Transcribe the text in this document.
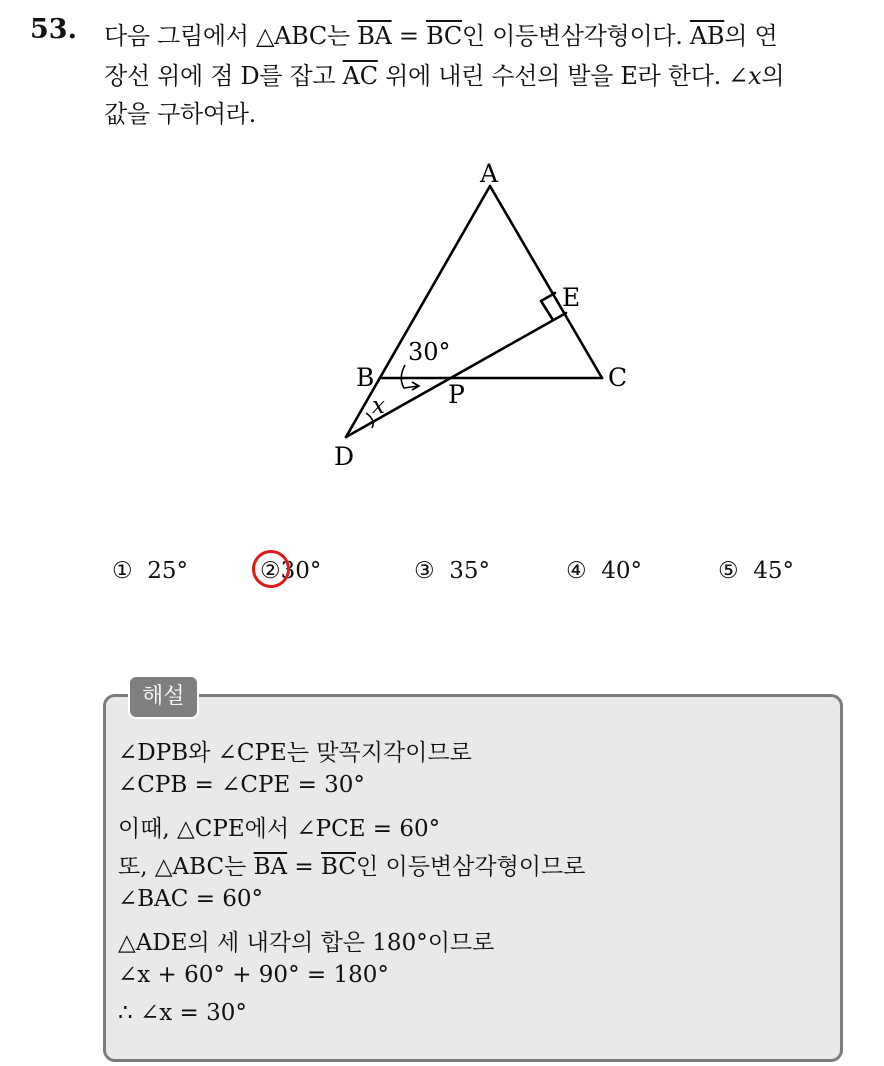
53. 다음 그림에서 △ABC는 $\overline{BA} = \overline{BC}$인 이등변삼각형이다. $\overline{AB}$의 연
장선 위에 점 D를 잡고 $\overline{AC}$ 위에 내린 수선의 발을 E라 한다. ∠x의
값을 구하여라.
A
B	C
D
E
P
30°
x
① 25°	②30°	③ 35°	④ 40°	⑤ 45°
해설
∠DPB와 ∠CPE는 맞꼭지각이므로
∠CPB = ∠CPE = 30°
이때, △CPE에서 ∠PCE = 60°
또, △ABC는 $\overline{BA} = \overline{BC}$인 이등변삼각형이므로
∠BAC = 60°
△ADE의 세 내각의 합은 180°이므로
∠x + 60° + 90° = 180°
∴ ∠x = 30°
